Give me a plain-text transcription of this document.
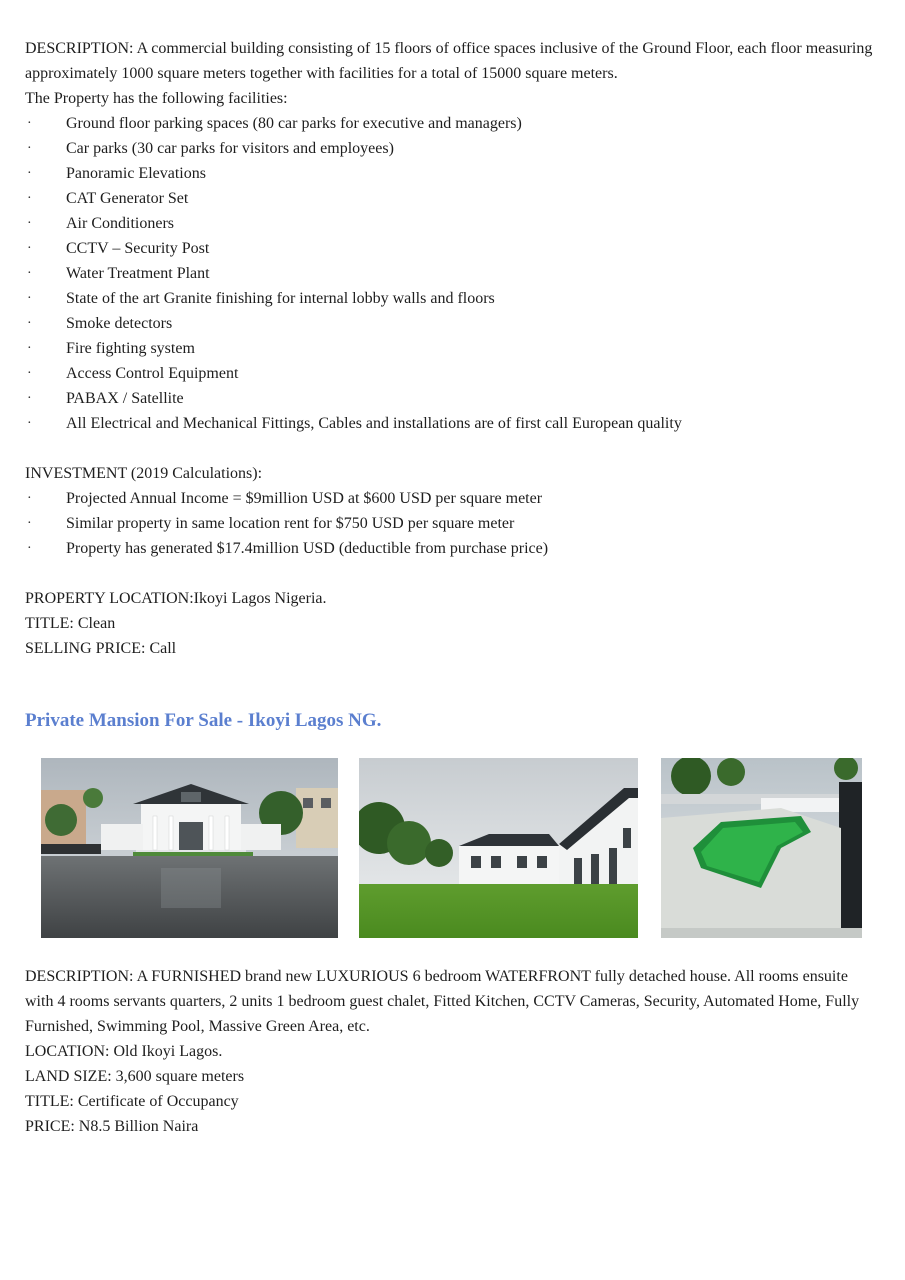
DESCRIPTION: A commercial building consisting of 15 floors of office spaces inclusive of the Ground Floor, each floor measuring approximately 1000 square meters together with facilities for a total of 15000 square meters.

The Property has the following facilities:

· Ground floor parking spaces (80 car parks for executive and managers)
· Car parks (30 car parks for visitors and employees)
· Panoramic Elevations
· CAT Generator Set
· Air Conditioners
· CCTV – Security Post
· Water Treatment Plant
· State of the art Granite finishing for internal lobby walls and floors
· Smoke detectors
· Fire fighting system
· Access Control Equipment
· PABAX / Satellite
· All Electrical and Mechanical Fittings, Cables and installations are of first call European quality

INVESTMENT (2019 Calculations):

· Projected Annual Income = $9million USD at $600 USD per square meter
· Similar property in same location rent for $750 USD per square meter
· Property has generated $17.4million USD (deductible from purchase price)

PROPERTY LOCATION:Ikoyi Lagos Nigeria.

TITLE: Clean

SELLING PRICE: Call

Private Mansion For Sale - Ikoyi Lagos NG.

DESCRIPTION: A FURNISHED brand new LUXURIOUS 6 bedroom WATERFRONT fully detached house. All rooms ensuite with 4 rooms servants quarters, 2 units 1 bedroom guest chalet, Fitted Kitchen, CCTV Cameras, Security, Automated Home, Fully Furnished, Swimming Pool, Massive Green Area, etc.

LOCATION: Old Ikoyi Lagos.

LAND SIZE: 3,600 square meters

TITLE: Certificate of Occupancy

PRICE: N8.5 Billion Naira
